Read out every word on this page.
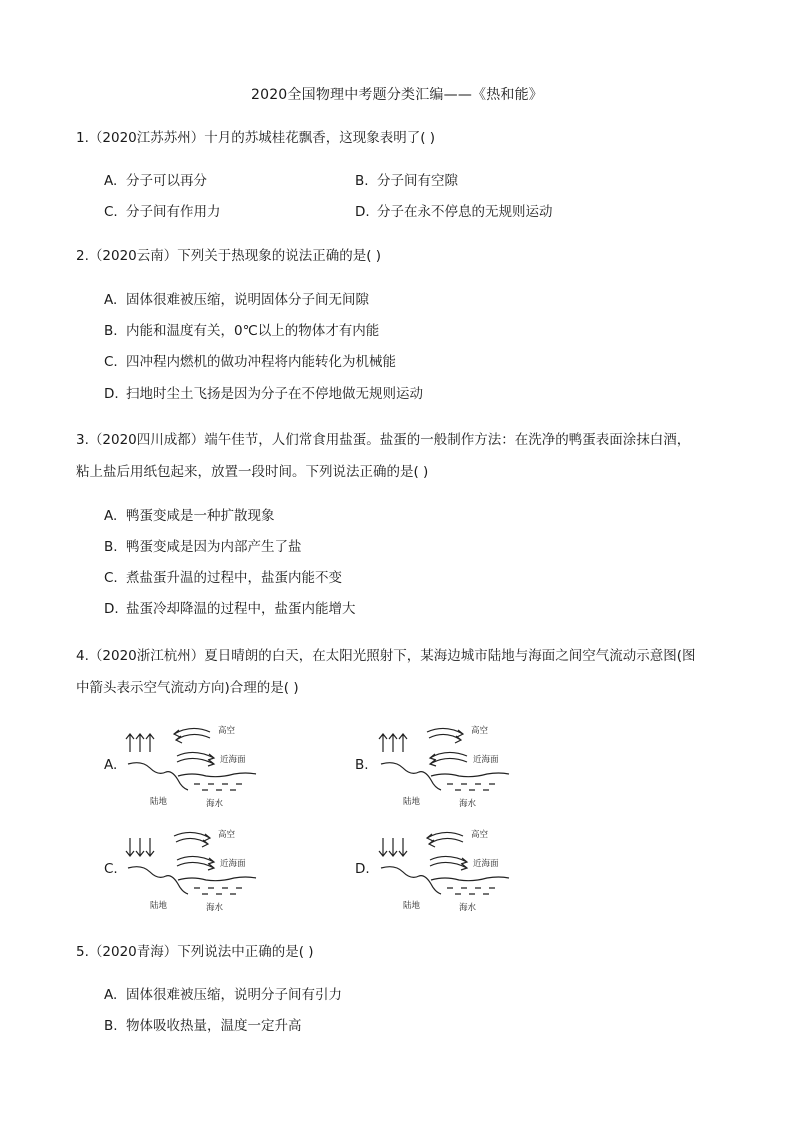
2020全国物理中考题分类汇编——《热和能》
1.（2020江苏苏州）十月的苏城桂花飘香，这现象表明了( )
A. 分子可以再分	B. 分子间有空隙
C. 分子间有作用力	D. 分子在永不停息的无规则运动
2.（2020云南）下列关于热现象的说法正确的是( )
A. 固体很难被压缩，说明固体分子间无间隙
B. 内能和温度有关，0℃以上的物体才有内能
C. 四冲程内燃机的做功冲程将内能转化为机械能
D. 扫地时尘土飞扬是因为分子在不停地做无规则运动
3.（2020四川成都）端午佳节，人们常食用盐蛋。盐蛋的一般制作方法：在洗净的鸭蛋表面涂抹白酒，
粘上盐后用纸包起来，放置一段时间。下列说法正确的是( )
A. 鸭蛋变咸是一种扩散现象
B. 鸭蛋变咸是因为内部产生了盐
C. 煮盐蛋升温的过程中，盐蛋内能不变
D. 盐蛋冷却降温的过程中，盐蛋内能增大
4.（2020浙江杭州）夏日晴朗的白天，在太阳光照射下，某海边城市陆地与海面之间空气流动示意图(图
中箭头表示空气流动方向)合理的是( )
A.	B.
C.	D.
高空
近海面
陆地	海水
高空
近海面
陆地	海水
高空
近海面
陆地	海水
高空
近海面
陆地	海水
5.（2020青海）下列说法中正确的是( )
A. 固体很难被压缩，说明分子间有引力
B. 物体吸收热量，温度一定升高
